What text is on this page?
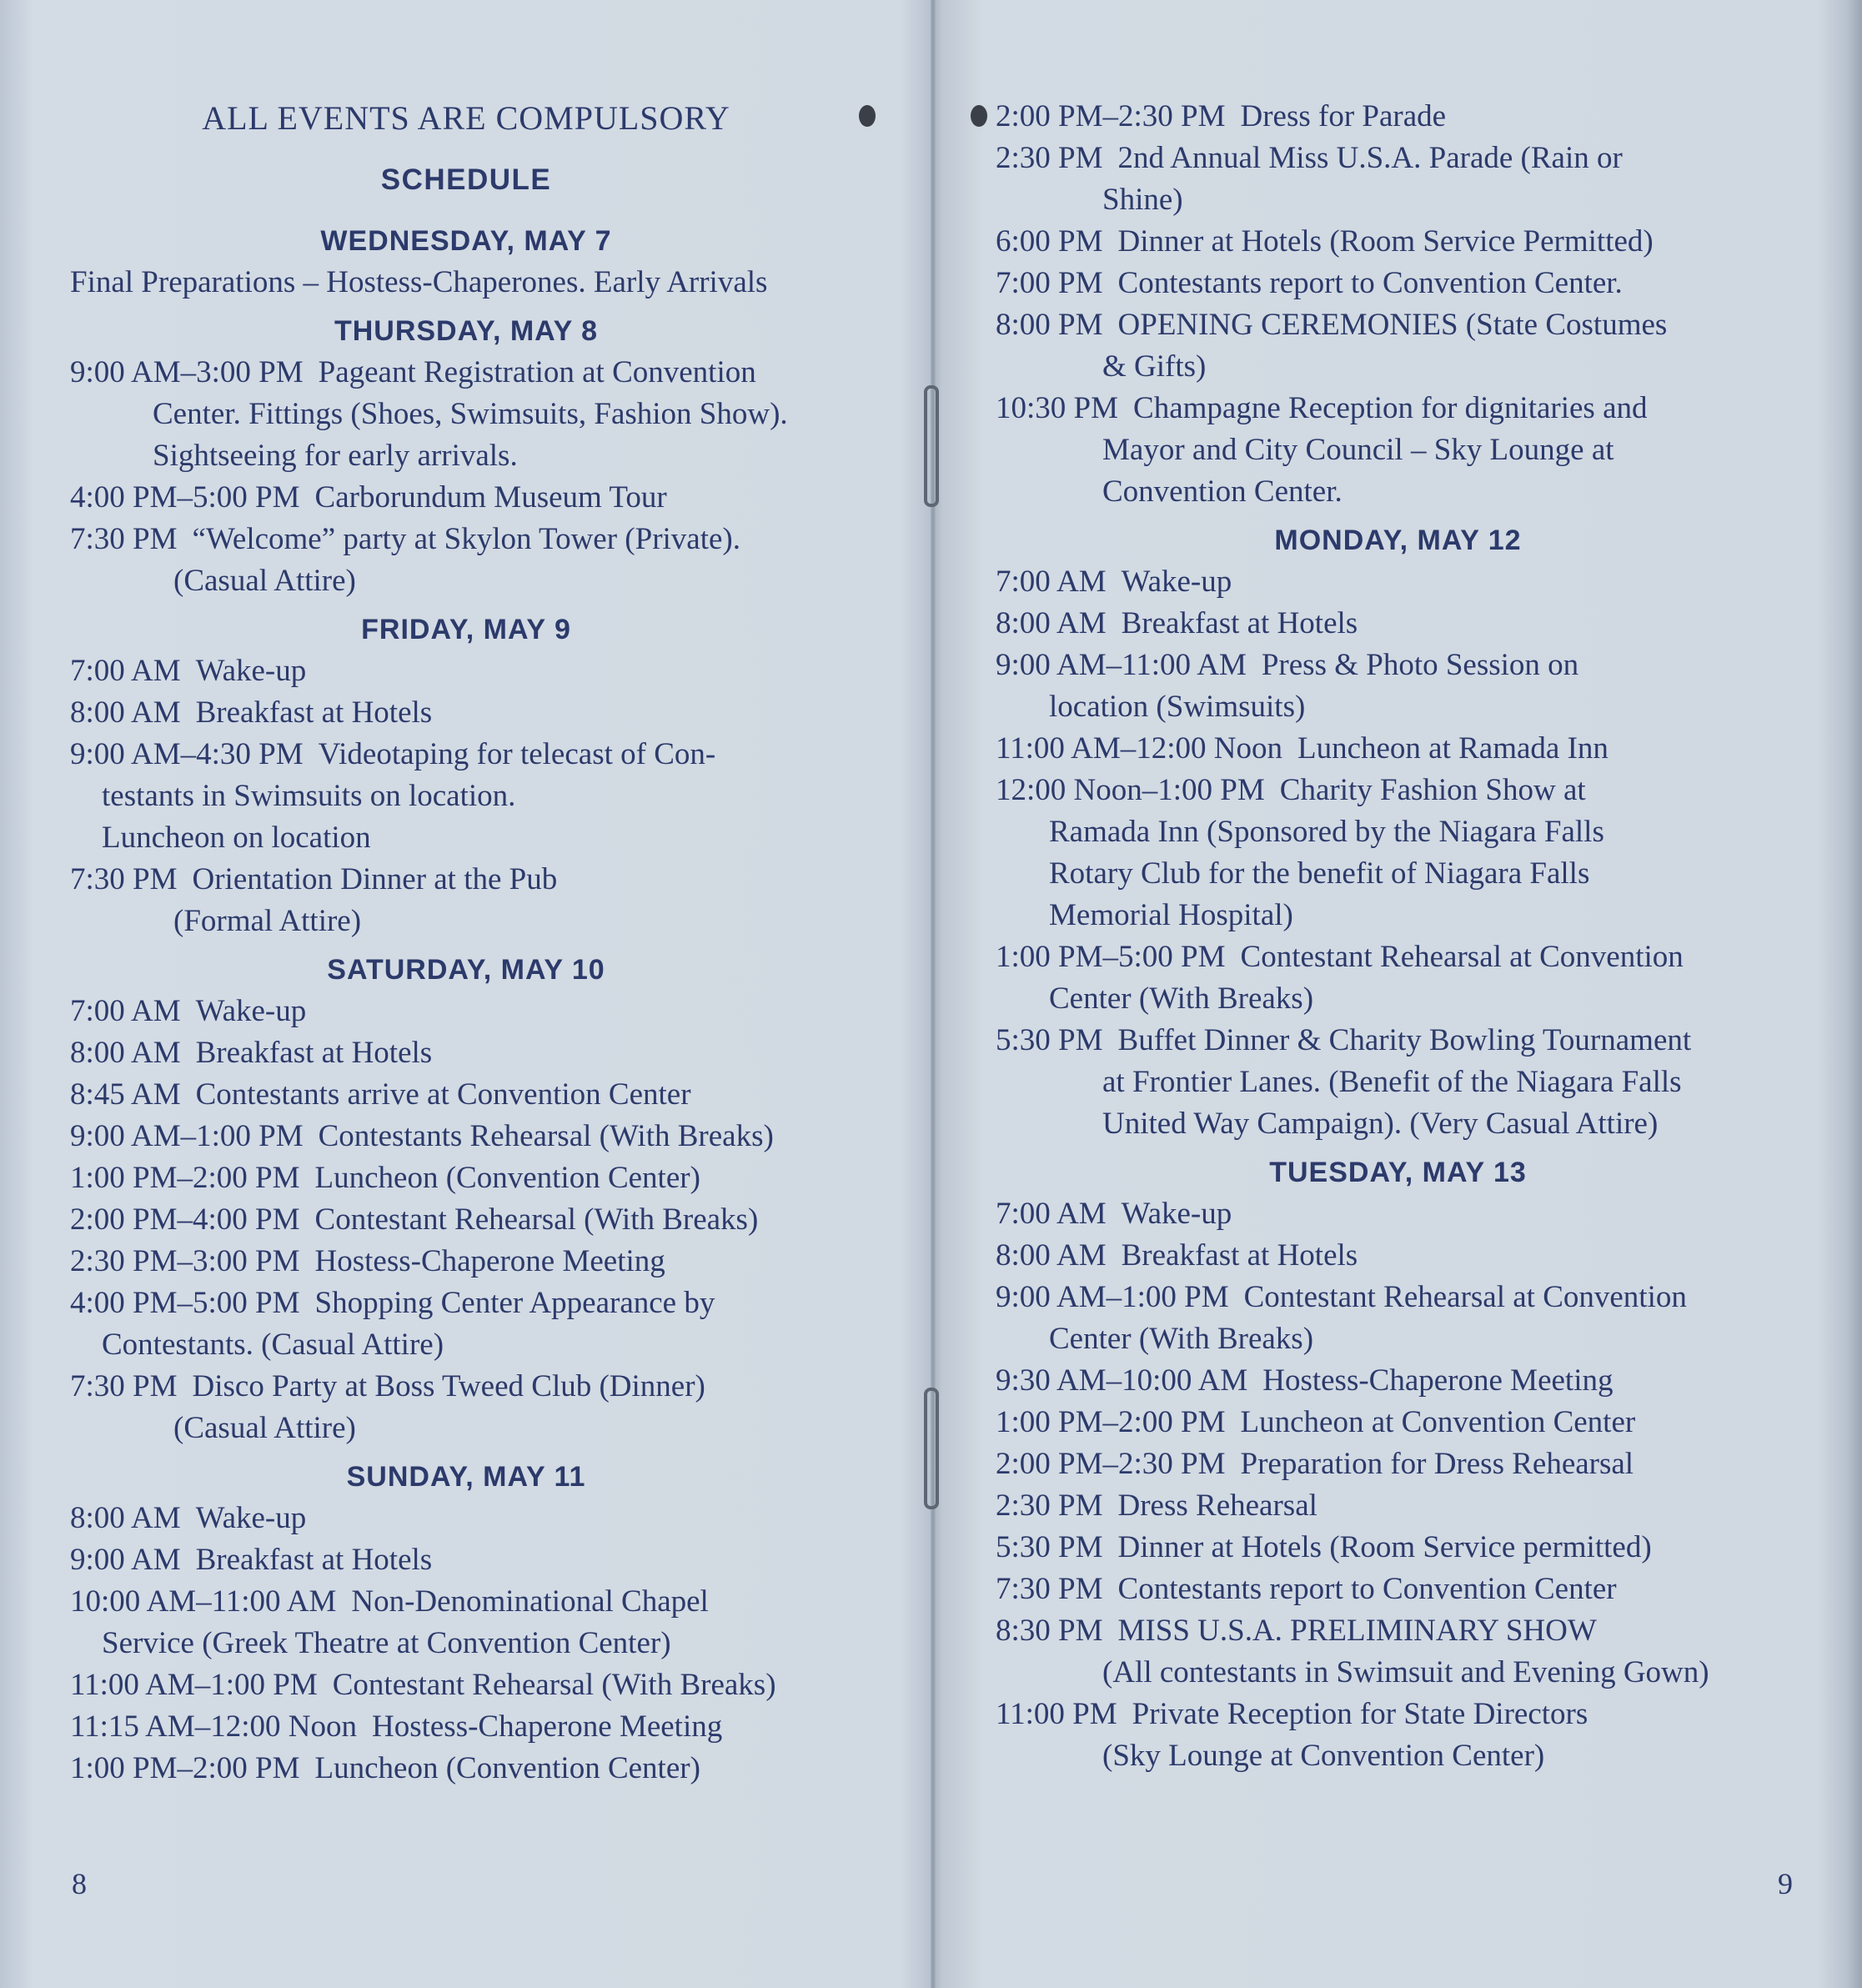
ALL EVENTS ARE COMPULSORY
SCHEDULE

WEDNESDAY, MAY 7

Final Preparations – Hostess-Chaperones. Early Arrivals

THURSDAY, MAY 8

9:00 AM–3:00 PM Pageant Registration at Convention

Center. Fittings (Shoes, Swimsuits, Fashion Show).

Sightseeing for early arrivals.

4:00 PM–5:00 PM Carborundum Museum Tour

7:30 PM “Welcome” party at Skylon Tower (Private).

(Casual Attire)

FRIDAY, MAY 9

7:00 AM Wake-up

8:00 AM Breakfast at Hotels

9:00 AM–4:30 PM Videotaping for telecast of Con-

testants in Swimsuits on location.

Luncheon on location

7:30 PM Orientation Dinner at the Pub

(Formal Attire)

SATURDAY, MAY 10

7:00 AM Wake-up

8:00 AM Breakfast at Hotels

8:45 AM Contestants arrive at Convention Center

9:00 AM–1:00 PM Contestants Rehearsal (With Breaks)

1:00 PM–2:00 PM Luncheon (Convention Center)

2:00 PM–4:00 PM Contestant Rehearsal (With Breaks)

2:30 PM–3:00 PM Hostess-Chaperone Meeting

4:00 PM–5:00 PM Shopping Center Appearance by

Contestants. (Casual Attire)

7:30 PM Disco Party at Boss Tweed Club (Dinner)

(Casual Attire)

SUNDAY, MAY 11

8:00 AM Wake-up

9:00 AM Breakfast at Hotels

10:00 AM–11:00 AM Non-Denominational Chapel

Service (Greek Theatre at Convention Center)

11:00 AM–1:00 PM Contestant Rehearsal (With Breaks)

11:15 AM–12:00 Noon Hostess-Chaperone Meeting

1:00 PM–2:00 PM Luncheon (Convention Center)

8

2:00 PM–2:30 PM Dress for Parade

2:30 PM 2nd Annual Miss U.S.A. Parade (Rain or

Shine)

6:00 PM Dinner at Hotels (Room Service Permitted)

7:00 PM Contestants report to Convention Center.

8:00 PM OPENING CEREMONIES (State Costumes

& Gifts)

10:30 PM Champagne Reception for dignitaries and

Mayor and City Council – Sky Lounge at

Convention Center.

MONDAY, MAY 12

7:00 AM Wake-up

8:00 AM Breakfast at Hotels

9:00 AM–11:00 AM Press & Photo Session on

location (Swimsuits)

11:00 AM–12:00 Noon Luncheon at Ramada Inn

12:00 Noon–1:00 PM Charity Fashion Show at

Ramada Inn (Sponsored by the Niagara Falls

Rotary Club for the benefit of Niagara Falls

Memorial Hospital)

1:00 PM–5:00 PM Contestant Rehearsal at Convention

Center (With Breaks)

5:30 PM Buffet Dinner & Charity Bowling Tournament

at Frontier Lanes. (Benefit of the Niagara Falls

United Way Campaign). (Very Casual Attire)

TUESDAY, MAY 13

7:00 AM Wake-up

8:00 AM Breakfast at Hotels

9:00 AM–1:00 PM Contestant Rehearsal at Convention

Center (With Breaks)

9:30 AM–10:00 AM Hostess-Chaperone Meeting

1:00 PM–2:00 PM Luncheon at Convention Center

2:00 PM–2:30 PM Preparation for Dress Rehearsal

2:30 PM Dress Rehearsal

5:30 PM Dinner at Hotels (Room Service permitted)

7:30 PM Contestants report to Convention Center

8:30 PM MISS U.S.A. PRELIMINARY SHOW

(All contestants in Swimsuit and Evening Gown)

11:00 PM Private Reception for State Directors

(Sky Lounge at Convention Center)

9
